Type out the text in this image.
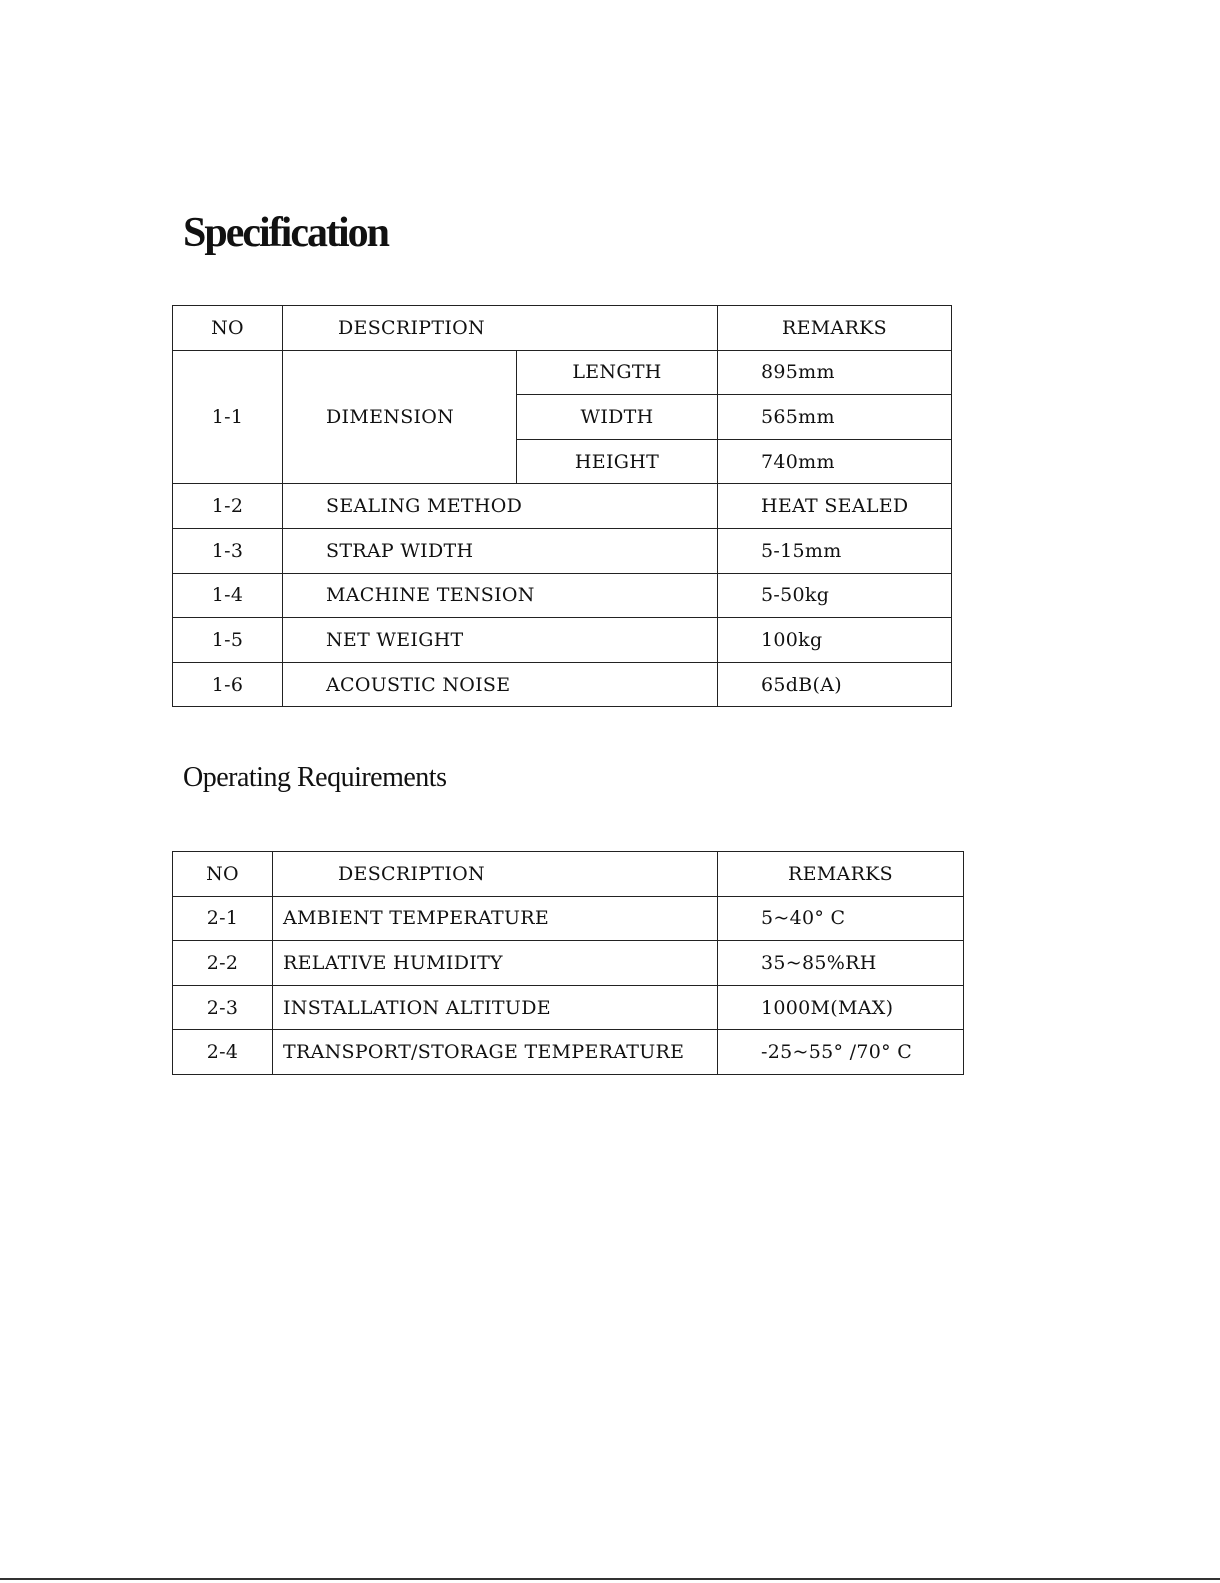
Specification
NO	DESCRIPTION		REMARKS
1-1	DIMENSION	LENGTH	895mm
		WIDTH	565mm
		HEIGHT	740mm
1-2	SEALING METHOD		HEAT SEALED
1-3	STRAP WIDTH		5-15mm
1-4	MACHINE TENSION		5-50kg
1-5	NET WEIGHT		100kg
1-6	ACOUSTIC NOISE		65dB(A)
Operating Requirements
NO	DESCRIPTION	REMARKS
2-1	AMBIENT TEMPERATURE	5~40° C
2-2	RELATIVE HUMIDITY	35~85%RH
2-3	INSTALLATION ALTITUDE	1000M(MAX)
2-4	TRANSPORT/STORAGE TEMPERATURE	-25~55° /70° C
